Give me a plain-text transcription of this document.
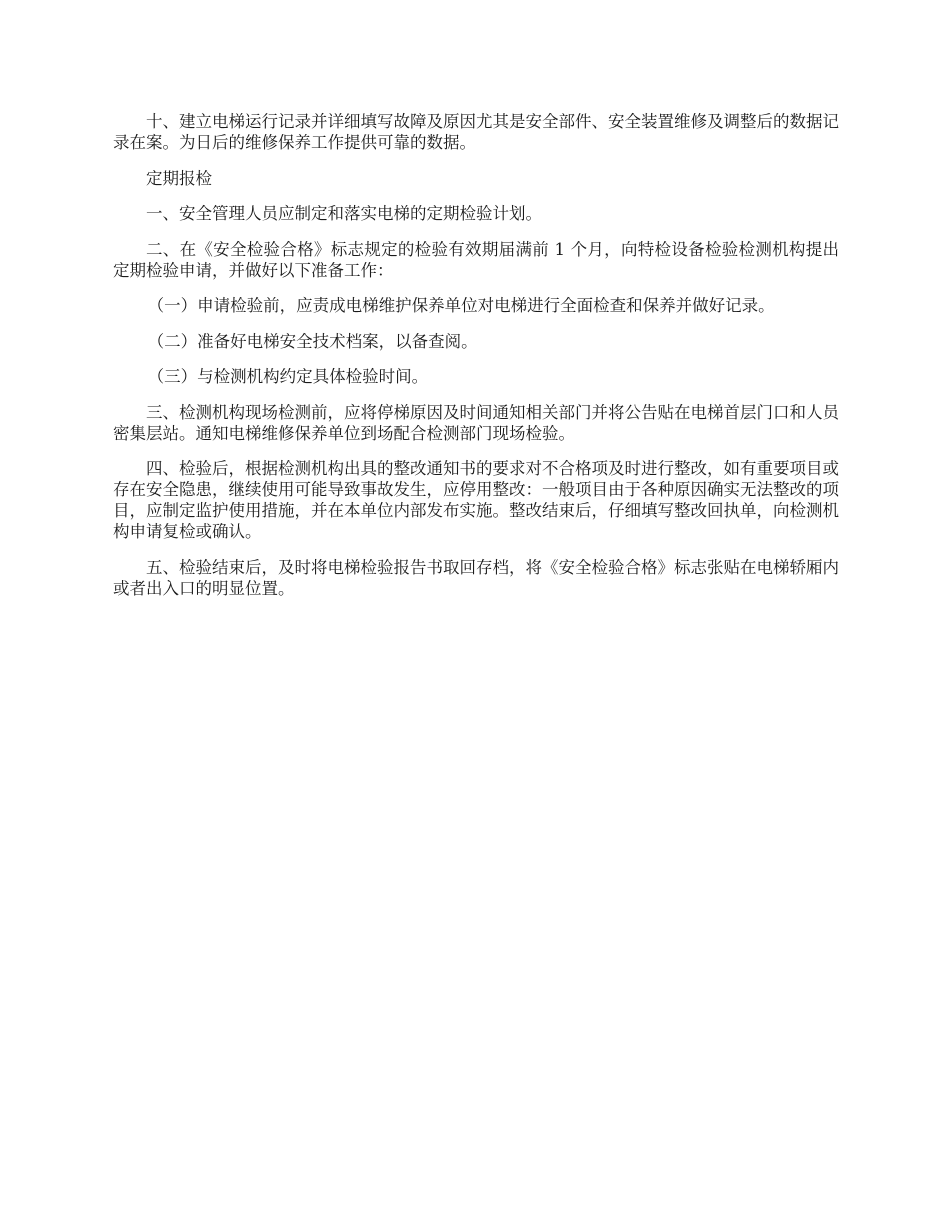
十、建立电梯运行记录并详细填写故障及原因尤其是安全部件、安全装置维修及调整后的数据记录在案。为日后的维修保养工作提供可靠的数据。

定期报检

一、安全管理人员应制定和落实电梯的定期检验计划。

二、在《安全检验合格》标志规定的检验有效期届满前 1 个月，向特检设备检验检测机构提出定期检验申请，并做好以下准备工作：

（一）申请检验前，应责成电梯维护保养单位对电梯进行全面检查和保养并做好记录。

（二）准备好电梯安全技术档案，以备查阅。

（三）与检测机构约定具体检验时间。

三、检测机构现场检测前，应将停梯原因及时间通知相关部门并将公告贴在电梯首层门口和人员密集层站。通知电梯维修保养单位到场配合检测部门现场检验。

四、检验后，根据检测机构出具的整改通知书的要求对不合格项及时进行整改，如有重要项目或存在安全隐患，继续使用可能导致事故发生，应停用整改：一般项目由于各种原因确实无法整改的项目，应制定监护使用措施，并在本单位内部发布实施。整改结束后，仔细填写整改回执单，向检测机构申请复检或确认。

五、检验结束后，及时将电梯检验报告书取回存档，将《安全检验合格》标志张贴在电梯轿厢内或者出入口的明显位置。
